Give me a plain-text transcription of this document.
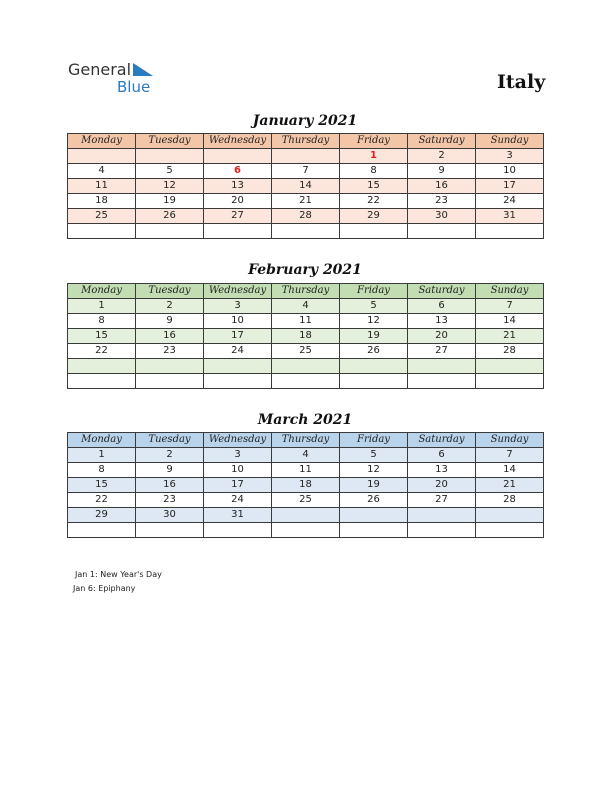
General
Blue	Italy
January 2021
Monday	Tuesday	Wednesday	Thursday	Friday	Saturday	Sunday
				1	2	3
4	5	6	7	8	9	10
11	12	13	14	15	16	17
18	19	20	21	22	23	24
25	26	27	28	29	30	31

February 2021
Monday	Tuesday	Wednesday	Thursday	Friday	Saturday	Sunday
1	2	3	4	5	6	7
8	9	10	11	12	13	14
15	16	17	18	19	20	21
22	23	24	25	26	27	28

March 2021
Monday	Tuesday	Wednesday	Thursday	Friday	Saturday	Sunday
1	2	3	4	5	6	7
8	9	10	11	12	13	14
15	16	17	18	19	20	21
22	23	24	25	26	27	28
29	30	31				

Jan 1: New Year's Day
Jan 6: Epiphany
